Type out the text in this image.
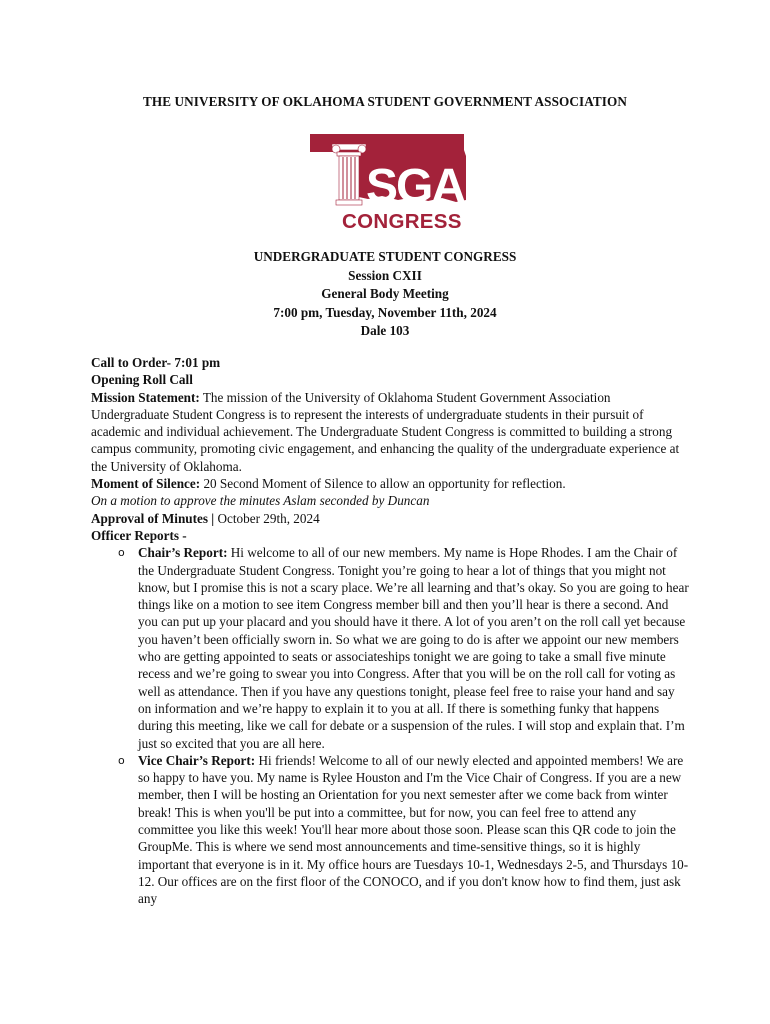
THE UNIVERSITY OF OKLAHOMA STUDENT GOVERNMENT ASSOCIATION
SGA
CONGRESS
UNDERGRADUATE STUDENT CONGRESS
Session CXII
General Body Meeting
7:00 pm, Tuesday, November 11th, 2024
Dale 103

Call to Order- 7:01 pm

Opening Roll Call

Mission Statement: The mission of the University of Oklahoma Student Government Association Undergraduate Student Congress is to represent the interests of undergraduate students in their pursuit of academic and individual achievement. The Undergraduate Student Congress is committed to building a strong campus community, promoting civic engagement, and enhancing the quality of the undergraduate experience at the University of Oklahoma.

Moment of Silence: 20 Second Moment of Silence to allow an opportunity for reflection.

On a motion to approve the minutes Aslam seconded by Duncan

Approval of Minutes | October 29th, 2024

Officer Reports -

o Chair’s Report: Hi welcome to all of our new members. My name is Hope Rhodes. I am the Chair of the Undergraduate Student Congress. Tonight you’re going to hear a lot of things that you might not know, but I promise this is not a scary place. We’re all learning and that’s okay. So you are going to hear things like on a motion to see item Congress member bill and then you’ll hear is there a second. And you can put up your placard and you should have it there. A lot of you aren’t on the roll call yet because you haven’t been officially sworn in. So what we are going to do is after we appoint our new members who are getting appointed to seats or associateships tonight we are going to take a small five minute recess and we’re going to swear you into Congress. After that you will be on the roll call for voting as well as attendance. Then if you have any questions tonight, please feel free to raise your hand and say on information and we’re happy to explain it to you at all. If there is something funky that happens during this meeting, like we call for debate or a suspension of the rules. I will stop and explain that. I’m just so excited that you are all here.
o Vice Chair’s Report: Hi friends! Welcome to all of our newly elected and appointed members! We are so happy to have you. My name is Rylee Houston and I'm the Vice Chair of Congress. If you are a new member, then I will be hosting an Orientation for you next semester after we come back from winter break! This is when you'll be put into a committee, but for now, you can feel free to attend any committee you like this week! You'll hear more about those soon. Please scan this QR code to join the GroupMe. This is where we send most announcements and time-sensitive things, so it is highly important that everyone is in it. My office hours are Tuesdays 10-1, Wednesdays 2-5, and Thursdays 10-12. Our offices are on the first floor of the CONOCO, and if you don't know how to find them, just ask any
